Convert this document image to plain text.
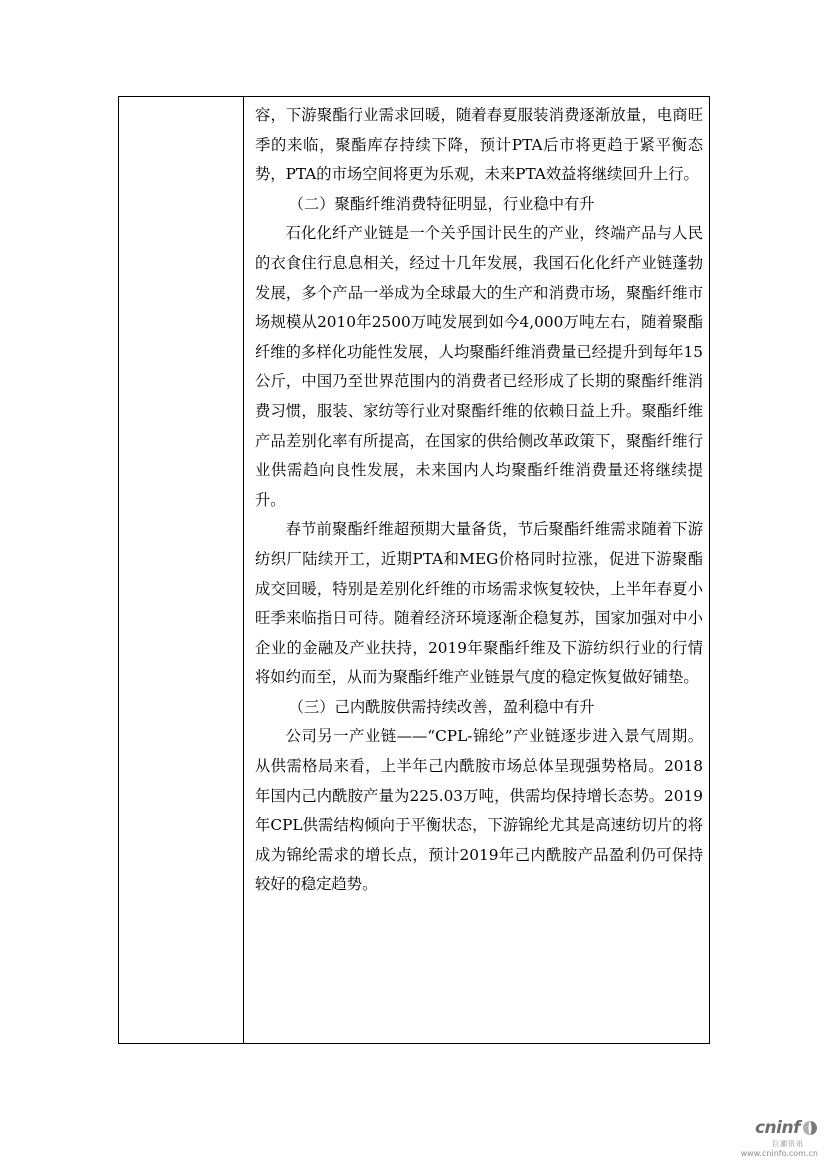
容，下游聚酯行业需求回暖，随着春夏服装消费逐渐放量，电商旺季的来临，聚酯库存持续下降，预计PTA后市将更趋于紧平衡态势，PTA的市场空间将更为乐观，未来PTA效益将继续回升上行。

（二）聚酯纤维消费特征明显，行业稳中有升

石化化纤产业链是一个关乎国计民生的产业，终端产品与人民的衣食住行息息相关，经过十几年发展，我国石化化纤产业链蓬勃发展，多个产品一举成为全球最大的生产和消费市场，聚酯纤维市场规模从2010年2500万吨发展到如今4,000万吨左右，随着聚酯纤维的多样化功能性发展，人均聚酯纤维消费量已经提升到每年15公斤，中国乃至世界范围内的消费者已经形成了长期的聚酯纤维消费习惯，服装、家纺等行业对聚酯纤维的依赖日益上升。聚酯纤维产品差别化率有所提高，在国家的供给侧改革政策下，聚酯纤维行业供需趋向良性发展，未来国内人均聚酯纤维消费量还将继续提升。

春节前聚酯纤维超预期大量备货，节后聚酯纤维需求随着下游纺织厂陆续开工，近期PTA和MEG价格同时拉涨，促进下游聚酯成交回暖，特别是差别化纤维的市场需求恢复较快，上半年春夏小旺季来临指日可待。随着经济环境逐渐企稳复苏，国家加强对中小企业的金融及产业扶持，2019年聚酯纤维及下游纺织行业的行情将如约而至，从而为聚酯纤维产业链景气度的稳定恢复做好铺垫。

（三）己内酰胺供需持续改善，盈利稳中有升

公司另一产业链——“CPL-锦纶”产业链逐步进入景气周期。从供需格局来看，上半年己内酰胺市场总体呈现强势格局。2018年国内己内酰胺产量为225.03万吨，供需均保持增长态势。2019年CPL供需结构倾向于平衡状态，下游锦纶尤其是高速纺切片的将成为锦纶需求的增长点，预计2019年己内酰胺产品盈利仍可保持较好的稳定趋势。

cninf
巨潮资讯
www.cninfo.com.cn
